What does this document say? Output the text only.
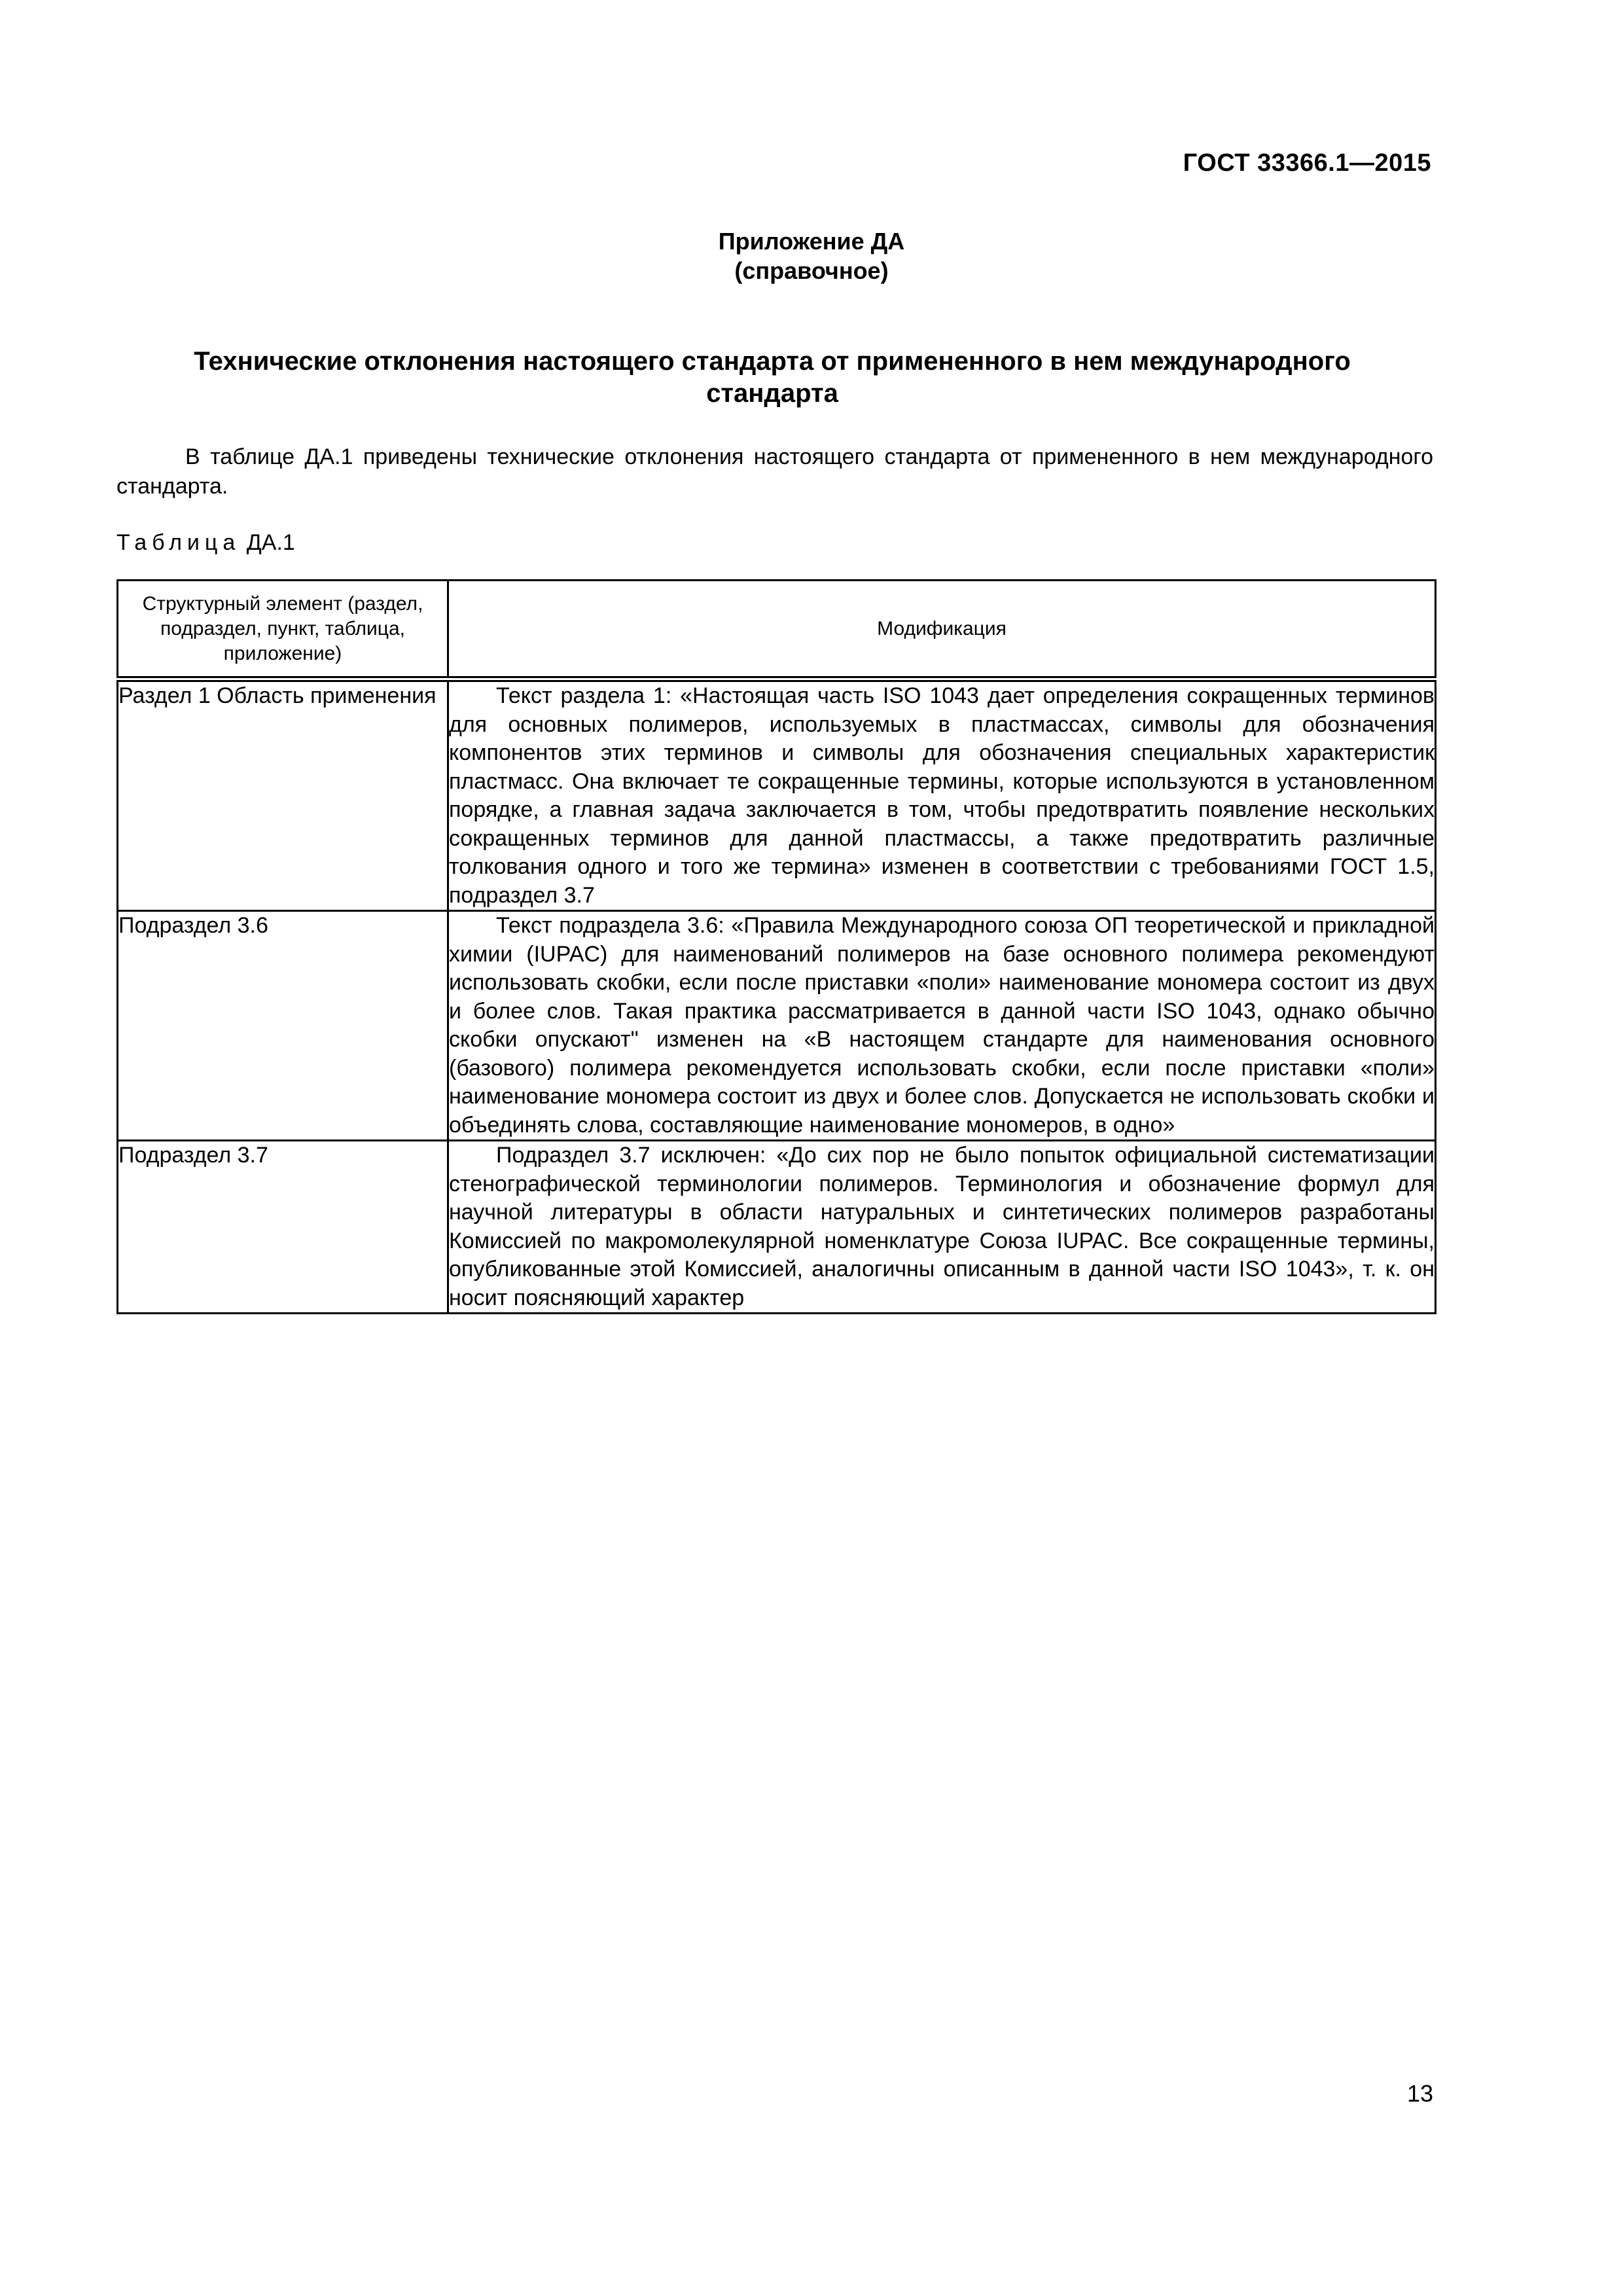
ГОСТ 33366.1—2015
Приложение ДА
(справочное)
Технические отклонения настоящего стандарта от примененного в нем международного стандарта

В таблице ДА.1 приведены технические отклонения настоящего стандарта от примененного в нем международного стандарта.

Таблица ДА.1
Структурный элемент (раздел, подраздел, пункт, таблица, приложение)	Модификация
Раздел 1 Область применения	Текст раздела 1: «Настоящая часть ISO 1043 дает определения сокращенных терминов для основных полимеров, используемых в пластмассах, символы для обозначения компонентов этих терминов и символы для обозначения специальных характеристик пластмасс. Она включает те сокращенные термины, которые используются в установленном порядке, а главная задача заключается в том, чтобы предотвратить появление нескольких сокращенных терминов для данной пластмассы, а также предотвратить различные толкования одного и того же термина» изменен в соответствии с требованиями ГОСТ 1.5, подраздел 3.7
Подраздел 3.6	Текст подраздела 3.6: «Правила Международного союза ОП теоретической и прикладной химии (IUPAC) для наименований полимеров на базе основного полимера рекомендуют использовать скобки, если после приставки «поли» наименование мономера состоит из двух и более слов. Такая практика рассматривается в данной части ISO 1043, однако обычно скобки опускают" изменен на «В настоящем стандарте для наименования основного (базового) полимера рекомендуется использовать скобки, если после приставки «поли» наименование мономера состоит из двух и более слов. Допускается не использовать скобки и объединять слова, составляющие наименование мономеров, в одно»
Подраздел 3.7	Подраздел 3.7 исключен: «До сих пор не было попыток официальной систематизации стенографической терминологии полимеров. Терминология и обозначение формул для научной литературы в области натуральных и синтетических полимеров разработаны Комиссией по макромолекулярной номенклатуре Союза IUPAC. Все сокращенные термины, опубликованные этой Комиссией, аналогичны описанным в данной части ISO 1043», т. к. он носит поясняющий характер
13
